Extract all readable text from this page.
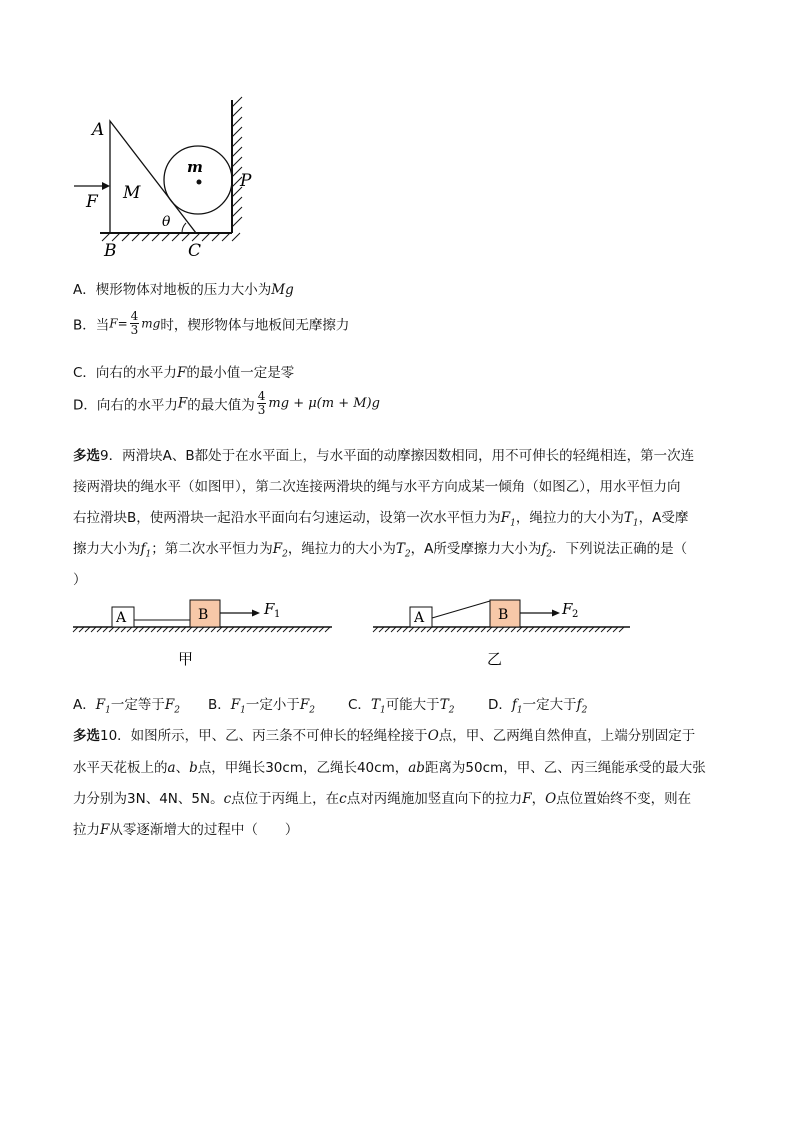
A
m
M
F
θ
P
B	C
A．楔形物体对地板的压力大小为Mg
B．当$F= \frac{4}{3}$ mg时，楔形物体与地板间无摩擦力
C．向右的水平力F的最小值一定是零
D．向右的水平力F的最大值为 $\frac{4}{3}$ mg + μ(m + M)g
多选9．两滑块A、B都处于在水平面上，与水平面的动摩擦因数相同，用不可伸长的轻绳相连，第一次连
接两滑块的绳水平（如图甲），第二次连接两滑块的绳与水平方向成某一倾角（如图乙），用水平恒力向
右拉滑块B，使两滑块一起沿水平面向右匀速运动，设第一次水平恒力为$F_1$，绳拉力的大小为$T_1$，A受摩
擦力大小为$f_1$；第二次水平恒力为$F_2$，绳拉力的大小为$T_2$，A所受摩擦力大小为$f_2$．下列说法正确的是（
）
A	B	F 1
甲
A	B	F 2
乙
A．$F_1$一定等于$F_2$ B．$F_1$一定小于$F_2$ C．$T_1$可能大于$T_2$ D．$f_1$一定大于$f_2$
多选10．如图所示，甲、乙、丙三条不可伸长的轻绳栓接于O点，甲、乙两绳自然伸直，上端分别固定于
水平天花板上的a、b点，甲绳长30cm，乙绳长40cm，ab距离为50cm，甲、乙、丙三绳能承受的最大张
力分别为3N、4N、5N。c点位于丙绳上，在c点对丙绳施加竖直向下的拉力F，O点位置始终不变，则在
拉力F从零逐渐增大的过程中（　　）
